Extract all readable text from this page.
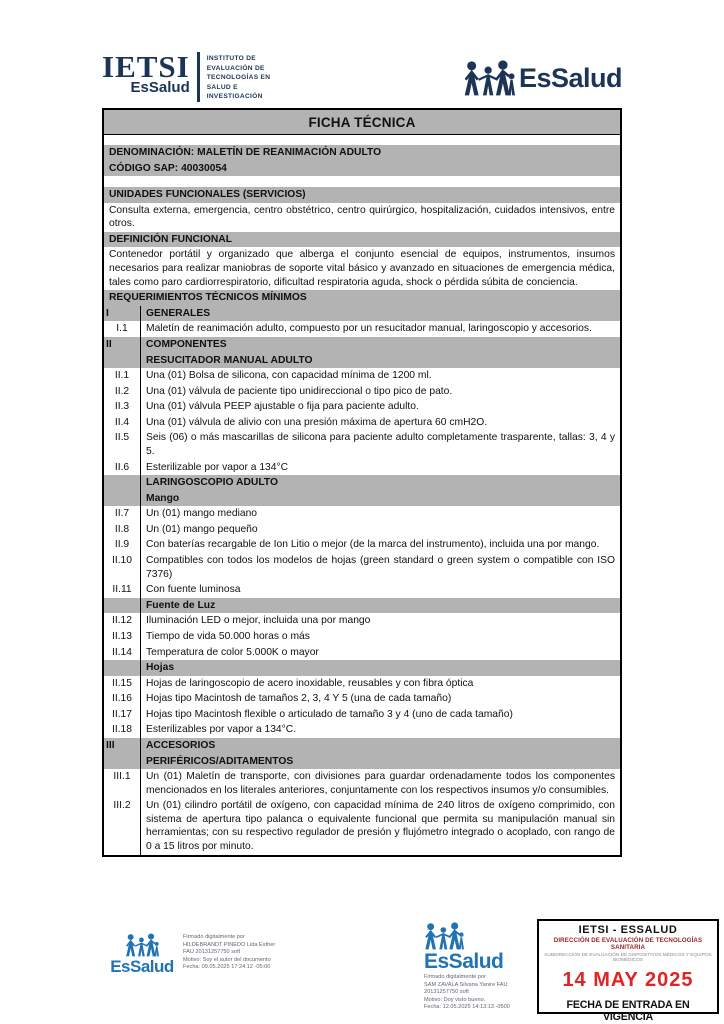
IETSI
EsSalud
INSTITUTO DE
EVALUACIÓN DE
TECNOLOGÍAS EN
SALUD E
INVESTIGACIÓN
EsSalud
FICHA TÉCNICA
DENOMINACIÓN: MALETÍN DE REANIMACIÓN ADULTO
CÓDIGO SAP: 40030054
UNIDADES FUNCIONALES (SERVICIOS)
Consulta externa, emergencia, centro obstétrico, centro quirúrgico, hospitalización, cuidados intensivos, entre otros.
DEFINICIÓN FUNCIONAL
Contenedor portátil y organizado que alberga el conjunto esencial de equipos, instrumentos, insumos necesarios para realizar maniobras de soporte vital básico y avanzado en situaciones de emergencia médica, tales como paro cardiorrespiratorio, dificultad respiratoria aguda, shock o pérdida súbita de conciencia.
REQUERIMIENTOS TÉCNICOS MÍNIMOS
I	GENERALES
I.1	Maletín de reanimación adulto, compuesto por un resucitador manual, laringoscopio y accesorios.
II	COMPONENTES
RESUCITADOR MANUAL ADULTO
II.1	Una (01) Bolsa de silicona, con capacidad mínima de 1200 ml.
II.2	Una (01) válvula de paciente tipo unidireccional o tipo pico de pato.
II.3	Una (01) válvula PEEP ajustable o fija para paciente adulto.
II.4	Una (01) válvula de alivio con una presión máxima de apertura 60 cmH2O.
II.5	Seis (06) o más mascarillas de silicona para paciente adulto completamente trasparente, tallas: 3, 4 y 5.
II.6	Esterilizable por vapor a 134°C
LARINGOSCOPIO ADULTO
Mango
II.7	Un (01) mango mediano
II.8	Un (01) mango pequeño
II.9	Con baterías recargable de Ion Litio o mejor (de la marca del instrumento), incluida una por mango.
II.10	Compatibles con todos los modelos de hojas (green standard o green system o compatible con ISO 7376)
II.11	Con fuente luminosa
Fuente de Luz
II.12	Iluminación LED o mejor, incluida una por mango
II.13	Tiempo de vida 50.000 horas o más
II.14	Temperatura de color 5.000K o mayor
Hojas
II.15	Hojas de laringoscopio de acero inoxidable, reusables y con fibra óptica
II.16	Hojas tipo Macintosh de tamaños 2, 3, 4 Y 5 (una de cada tamaño)
II.17	Hojas tipo Macintosh flexible o articulado de tamaño 3 y 4 (uno de cada tamaño)
II.18	Esterilizables por vapor a 134°C.
III	ACCESORIOS
PERIFÉRICOS/ADITAMENTOS
III.1	Un (01) Maletín de transporte, con divisiones para guardar ordenadamente todos los componentes mencionados en los literales anteriores, conjuntamente con los respectivos insumos y/o consumibles.
III.2	Un (01) cilindro portátil de oxígeno, con capacidad mínima de 240 litros de oxígeno comprimido, con sistema de apertura tipo palanca o equivalente funcional que permita su manipulación manual sin herramientas; con su respectivo regulador de presión y flujómetro integrado o acoplado, con rango de 0 a 15 litros por minuto.
EsSalud
Firmado digitalmente por
HILDEBRANDT PINEDO Lida Esther
FAU 20131257750 soft
Motivo: Soy el autor del documento
Fecha: 09.05.2025 17:24:12 -05:00	EsSalud
Firmado digitalmente por
SAM ZAVALA Silvana Yanire FAU
20131257750 soft
Motivo: Doy visto bueno.
Fecha: 12.05.2025 14:13:13 -0500
IETSI - ESSALUD
DIRECCIÓN DE EVALUACIÓN DE TECNOLOGÍAS SANITARIA
SUBDIRECCIÓN DE EVALUACIÓN DE DISPOSITIVOS MÉDICOS Y EQUIPOS BIOMÉDICOS
14 MAY 2025
FECHA DE ENTRADA EN VIGENCIA
